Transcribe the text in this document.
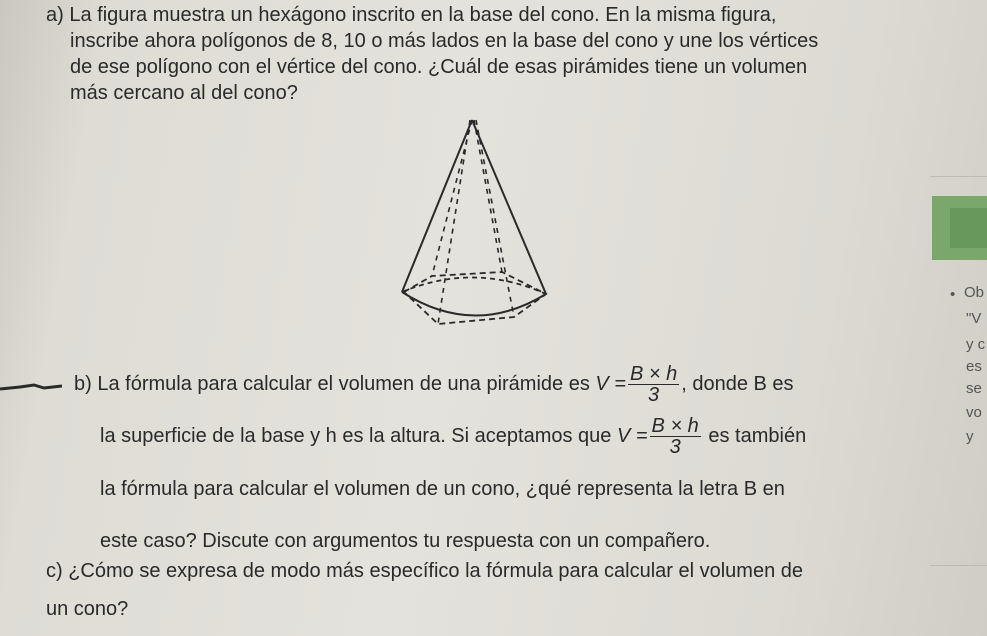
a) La figura muestra un hexágono inscrito en la base del cono. En la misma figura,
inscribe ahora polígonos de 8, 10 o más lados en la base del cono y une los vértices
de ese polígono con el vértice del cono. ¿Cuál de esas pirámides tiene un volumen
más cercano al del cono?
• Ob
"V
y c
es
se
vo
y
b) La fórmula para calcular el volumen de una pirámide es $V = \frac{B \times h}{3}$ , donde B es
la superficie de la base y h es la altura. Si aceptamos que $V = \frac{B \times h}{3}$ es también
la fórmula para calcular el volumen de un cono, ¿qué representa la letra B en
este caso? Discute con argumentos tu respuesta con un compañero.
c) ¿Cómo se expresa de modo más específico la fórmula para calcular el volumen de
un cono?
